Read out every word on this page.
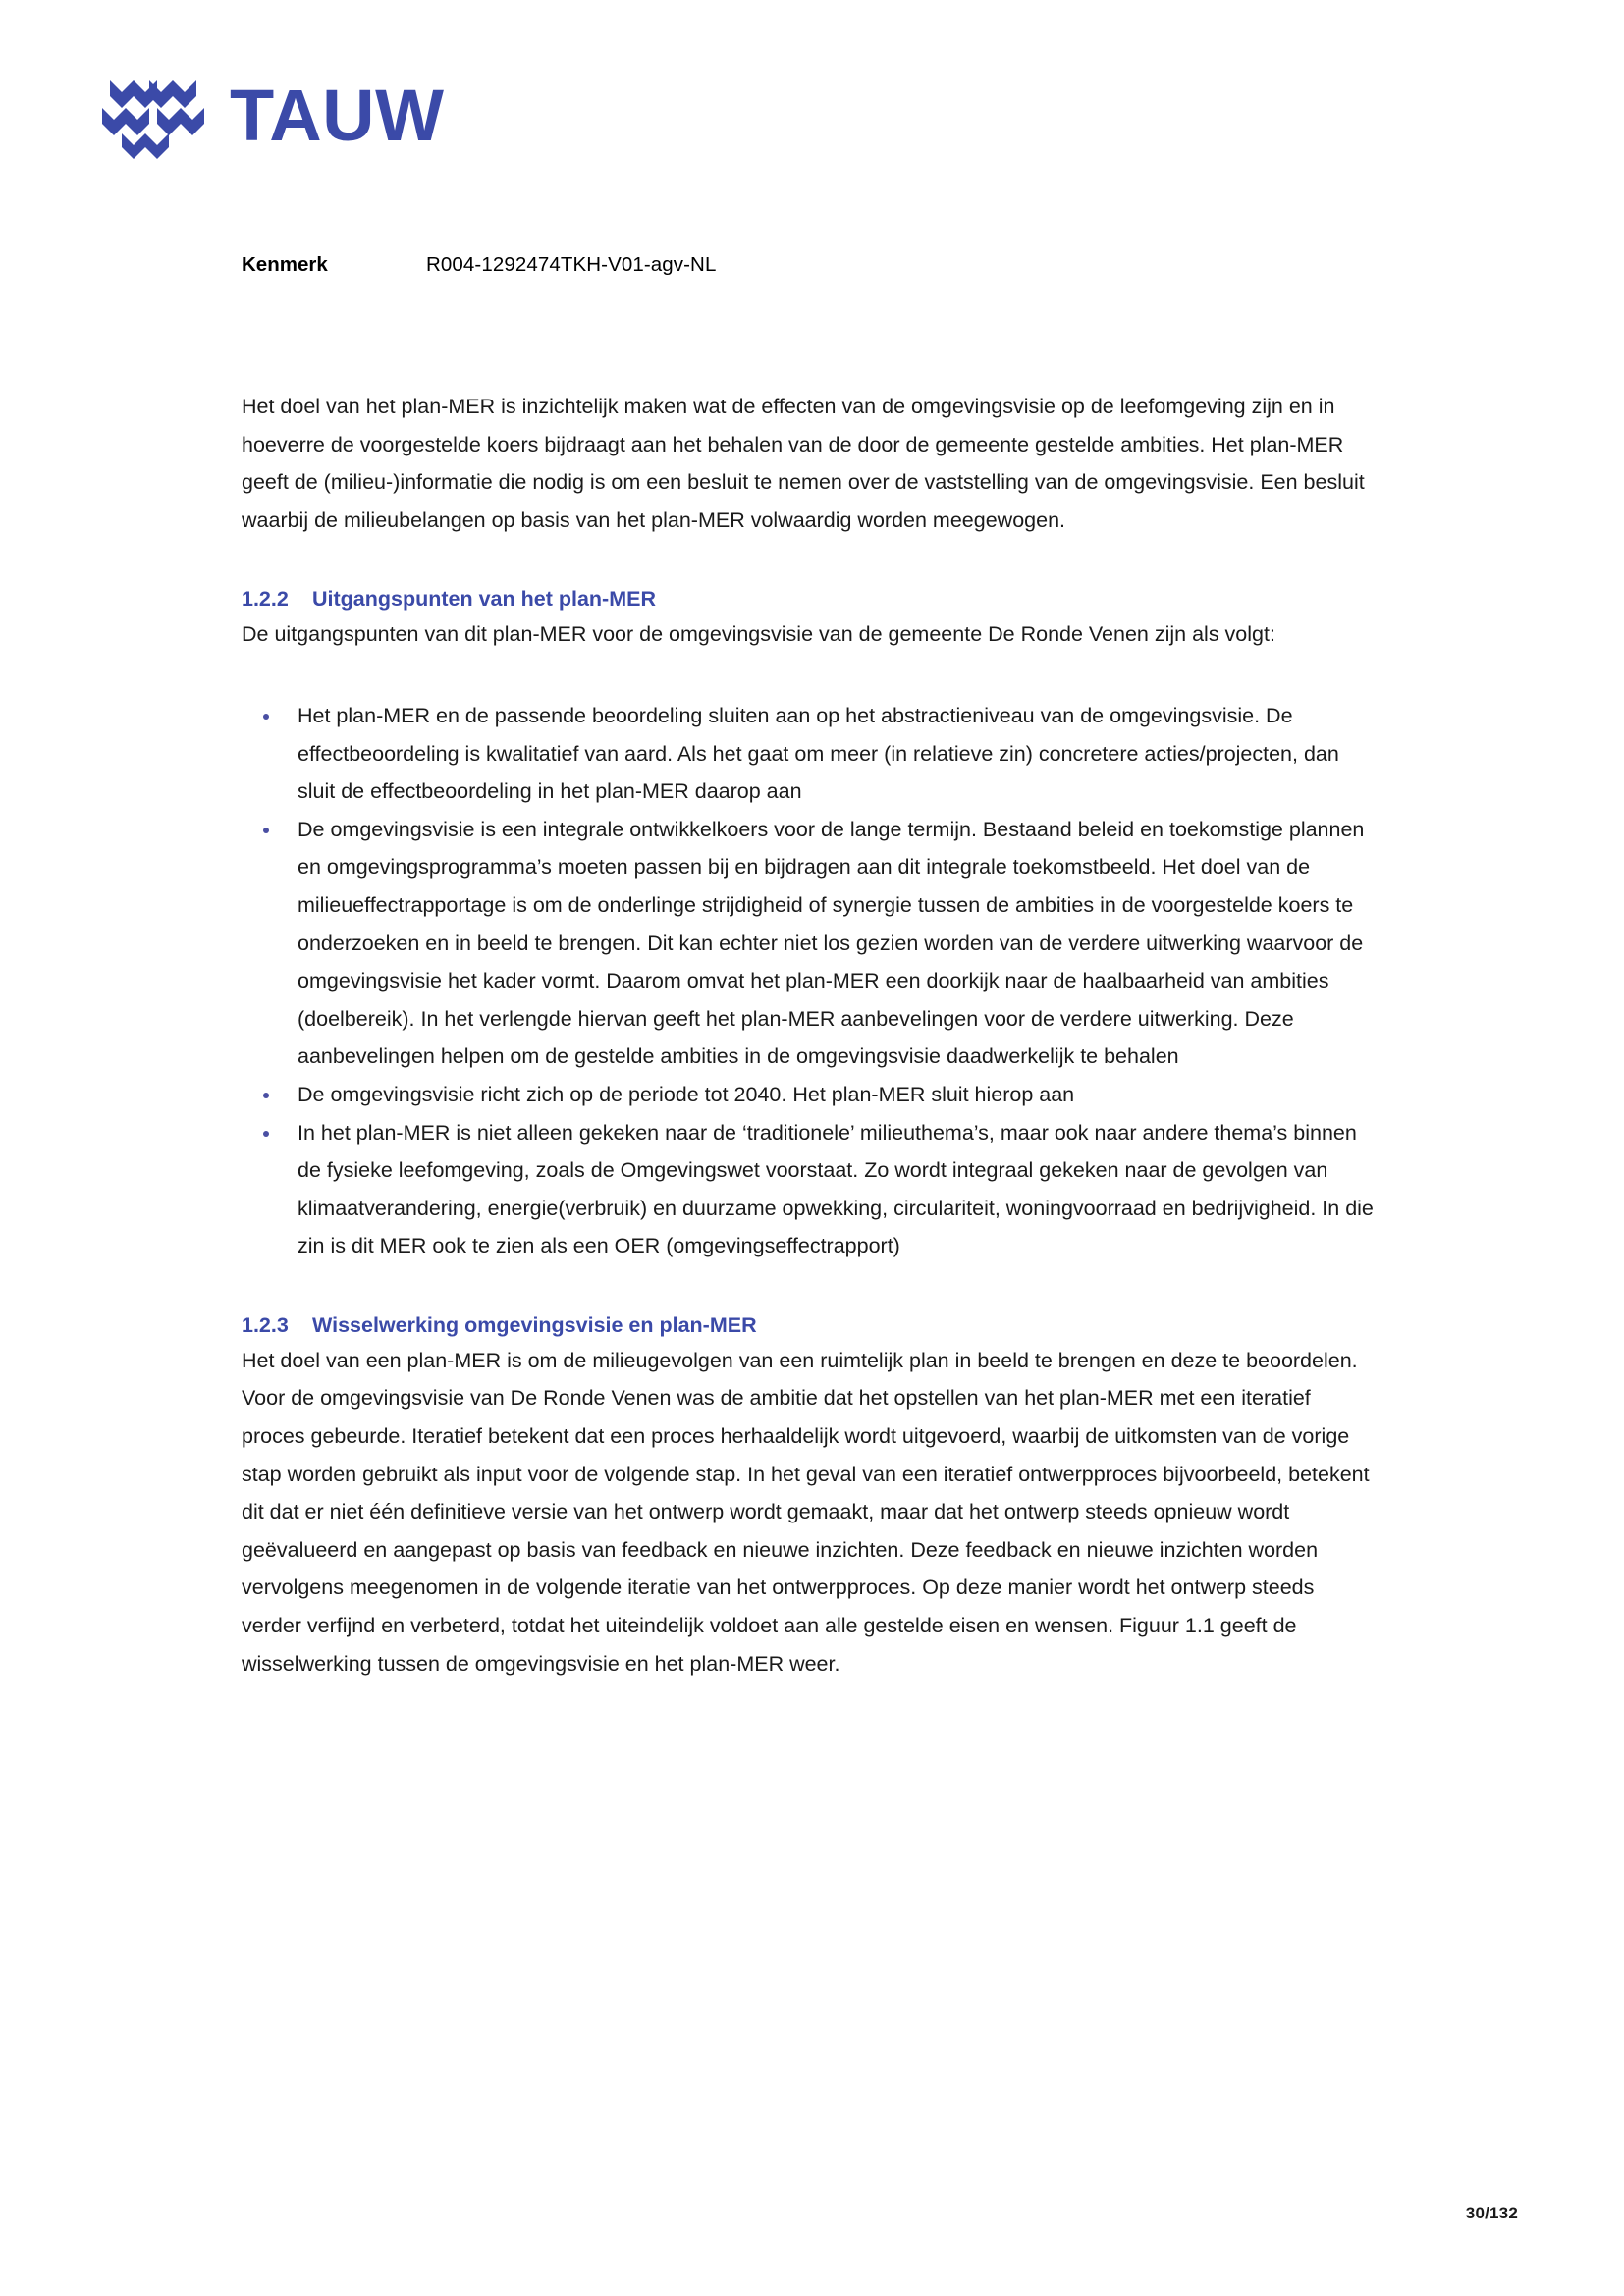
TAUW
Kenmerk	R004-1292474TKH-V01-agv-NL

Het doel van het plan-MER is inzichtelijk maken wat de effecten van de omgevingsvisie op de leefomgeving zijn en in hoeverre de voorgestelde koers bijdraagt aan het behalen van de door de gemeente gestelde ambities. Het plan-MER geeft de (milieu-)informatie die nodig is om een besluit te nemen over de vaststelling van de omgevingsvisie. Een besluit waarbij de milieubelangen op basis van het plan-MER volwaardig worden meegewogen.

1.2.2	Uitgangspunten van het plan-MER

De uitgangspunten van dit plan-MER voor de omgevingsvisie van de gemeente De Ronde Venen zijn als volgt:

Het plan-MER en de passende beoordeling sluiten aan op het abstractieniveau van de omgevingsvisie. De effectbeoordeling is kwalitatief van aard. Als het gaat om meer (in relatieve zin) concretere acties/projecten, dan sluit de effectbeoordeling in het plan-MER daarop aan
De omgevingsvisie is een integrale ontwikkelkoers voor de lange termijn. Bestaand beleid en toekomstige plannen en omgevingsprogramma’s moeten passen bij en bijdragen aan dit integrale toekomstbeeld. Het doel van de milieueffectrapportage is om de onderlinge strijdigheid of synergie tussen de ambities in de voorgestelde koers te onderzoeken en in beeld te brengen. Dit kan echter niet los gezien worden van de verdere uitwerking waarvoor de omgevingsvisie het kader vormt. Daarom omvat het plan-MER een doorkijk naar de haalbaarheid van ambities (doelbereik). In het verlengde hiervan geeft het plan-MER aanbevelingen voor de verdere uitwerking. Deze aanbevelingen helpen om de gestelde ambities in de omgevingsvisie daadwerkelijk te behalen
De omgevingsvisie richt zich op de periode tot 2040. Het plan-MER sluit hierop aan
In het plan-MER is niet alleen gekeken naar de ‘traditionele’ milieuthema’s, maar ook naar andere thema’s binnen de fysieke leefomgeving, zoals de Omgevingswet voorstaat. Zo wordt integraal gekeken naar de gevolgen van klimaatverandering, energie(verbruik) en duurzame opwekking, circulariteit, woningvoorraad en bedrijvigheid. In die zin is dit MER ook te zien als een OER (omgevingseffectrapport)
1.2.3	Wisselwerking omgevingsvisie en plan-MER

Het doel van een plan-MER is om de milieugevolgen van een ruimtelijk plan in beeld te brengen en deze te beoordelen. Voor de omgevingsvisie van De Ronde Venen was de ambitie dat het opstellen van het plan-MER met een iteratief proces gebeurde. Iteratief betekent dat een proces herhaaldelijk wordt uitgevoerd, waarbij de uitkomsten van de vorige stap worden gebruikt als input voor de volgende stap. In het geval van een iteratief ontwerpproces bijvoorbeeld, betekent dit dat er niet één definitieve versie van het ontwerp wordt gemaakt, maar dat het ontwerp steeds opnieuw wordt geëvalueerd en aangepast op basis van feedback en nieuwe inzichten. Deze feedback en nieuwe inzichten worden vervolgens meegenomen in de volgende iteratie van het ontwerpproces. Op deze manier wordt het ontwerp steeds verder verfijnd en verbeterd, totdat het uiteindelijk voldoet aan alle gestelde eisen en wensen. Figuur 1.1 geeft de wisselwerking tussen de omgevingsvisie en het plan-MER weer.

30/132
